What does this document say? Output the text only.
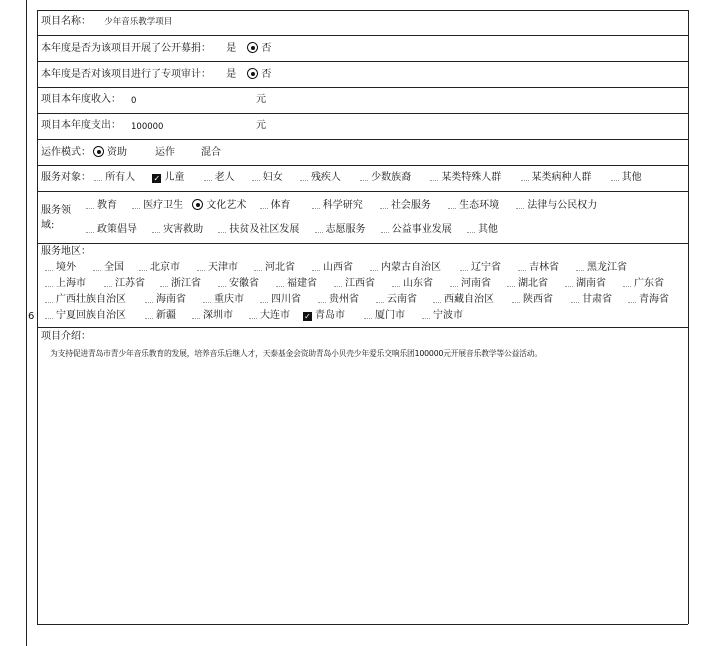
6
项目名称： 少年音乐教学项目
本年度是否为该项目开展了公开募捐： 是	否
本年度是否对该项目进行了专项审计： 是	否
项目本年度收入： 0	元
项目本年度支出： 100000	元
运作模式： 资助	运作	混合
服务对象： 所有人 ✓ 儿童	老人	妇女	残疾人	少数族裔	某类特殊人群	某类病种人群	其他
服务领
域:
教育	医疗卫生 文化艺术 体育	科学研究	社会服务	生态环境	法律与公民权力
政策倡导	灾害救助	扶贫及社区发展	志愿服务	公益事业发展	其他
服务地区：
境外	全国	北京市	天津市	河北省	山西省	内蒙古自治区	辽宁省	吉林省	黑龙江省
上海市	江苏省	浙江省	安徽省	福建省	江西省	山东省	河南省	湖北省	湖南省	广东省
广西壮族自治区	海南省	重庆市	四川省	贵州省	云南省	西藏自治区	陕西省	甘肃省	青海省
宁夏回族自治区	新疆	深圳市	大连市 ✓ 青岛市	厦门市	宁波市
项目介绍：
为支持促进青岛市青少年音乐教育的发展，培养音乐后继人才，天泰基金会资助青岛小贝壳少年爱乐交响乐团100000元开展音乐教学等公益活动。
